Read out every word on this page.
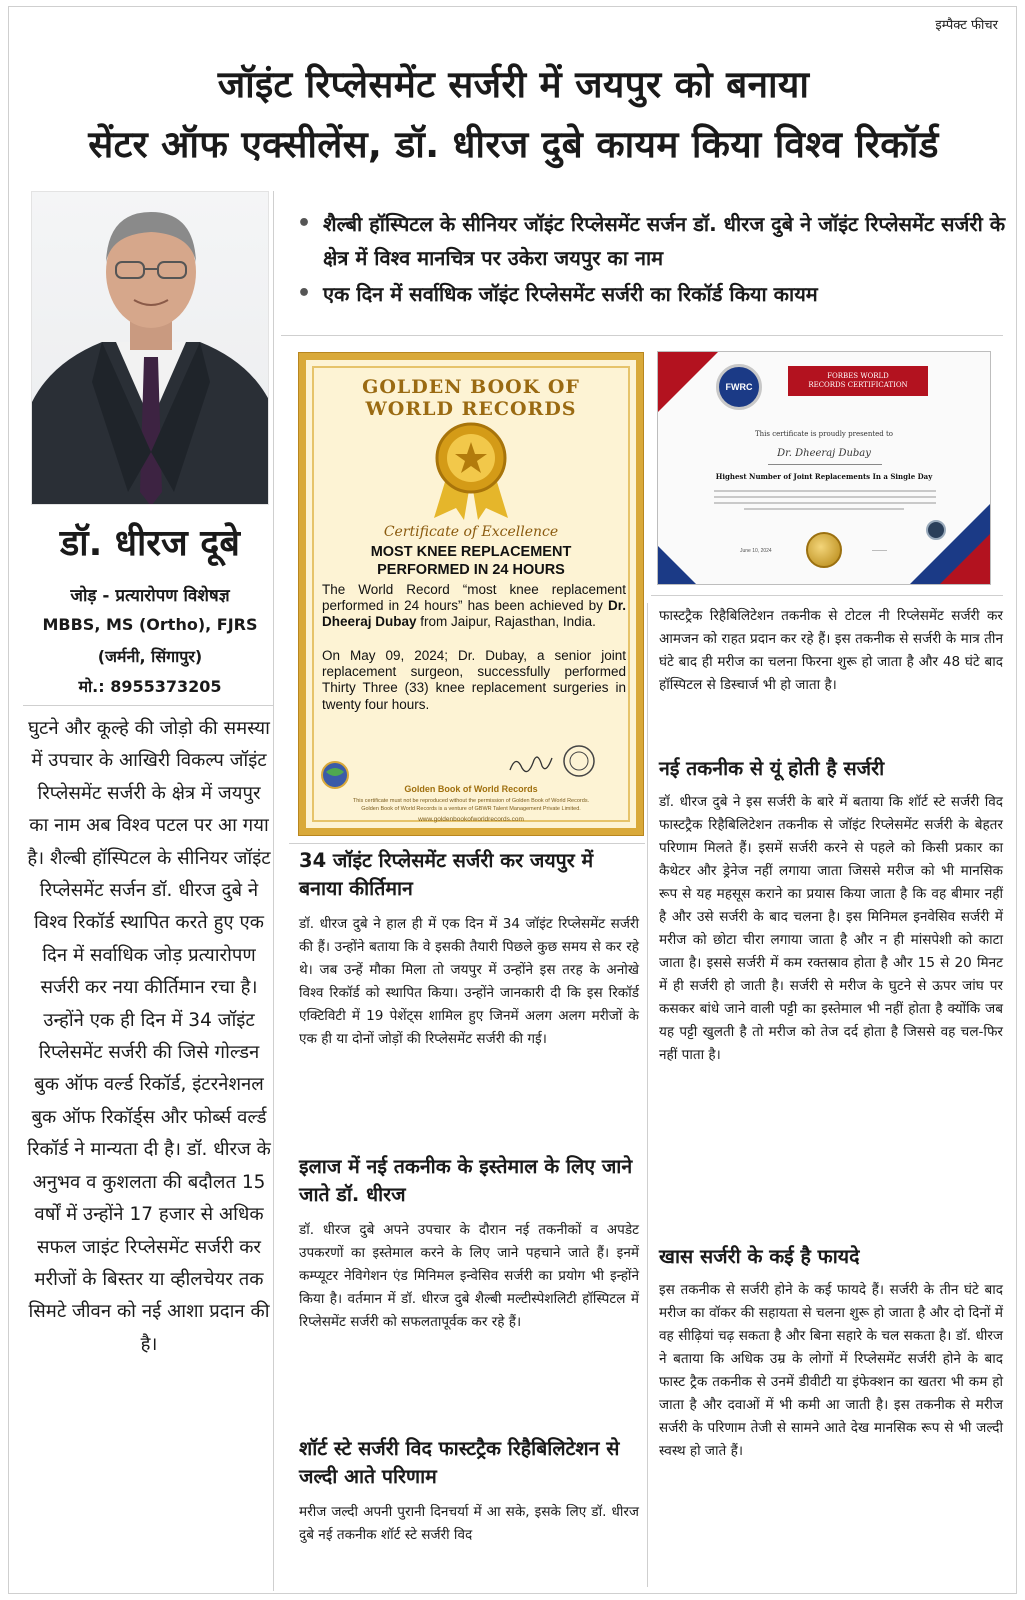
इम्पैक्ट फीचर
जॉइंट रिप्लेसमेंट सर्जरी में जयपुर को बनाया
सेंटर ऑफ एक्सीलेंस, डॉ. धीरज दुबे कायम किया विश्व रिकॉर्ड
डॉ. धीरज दूबे
जोड़ - प्रत्यारोपण विशेषज्ञ
MBBS, MS (Ortho), FJRS
(जर्मनी, सिंगापुर)
मो.: 8955373205
घुटने और कूल्हे की जोड़ो की समस्या में उपचार के आखिरी विकल्प जॉइंट रिप्लेसमेंट सर्जरी के क्षेत्र में जयपुर का नाम अब विश्व पटल पर आ गया है। शैल्बी हॉस्पिटल के सीनियर जॉइंट रिप्लेसमेंट सर्जन डॉ. धीरज दुबे ने विश्व रिकॉर्ड स्थापित करते हुए एक दिन में सर्वाधिक जोड़ प्रत्यारोपण सर्जरी कर नया कीर्तिमान रचा है। उन्होंने एक ही दिन में 34 जॉइंट रिप्लेसमेंट सर्जरी की जिसे गोल्डन बुक ऑफ वर्ल्ड रिकॉर्ड, इंटरनेशनल बुक ऑफ रिकॉर्ड्स और फोर्ब्स वर्ल्ड रिकॉर्ड ने मान्यता दी है। डॉ. धीरज के अनुभव व कुशलता की बदौलत 15 वर्षों में उन्होंने 17 हजार से अधिक सफल जाइंट रिप्लेसमेंट सर्जरी कर मरीजों के बिस्तर या व्हीलचेयर तक सिमटे जीवन को नई आशा प्रदान की है।
• शैल्बी हॉस्पिटल के सीनियर जॉइंट रिप्लेसमेंट सर्जन डॉ. धीरज दुबे ने जॉइंट रिप्लेसमेंट सर्जरी के क्षेत्र में विश्व मानचित्र पर उकेरा जयपुर का नाम
• एक दिन में सर्वाधिक जॉइंट रिप्लेसमेंट सर्जरी का रिकॉर्ड किया कायम
GOLDEN BOOK OF
WORLD RECORDS
Certificate of Excellence
MOST KNEE REPLACEMENT
PERFORMED IN 24 HOURS
The World Record “most knee replacement performed in 24 hours” has been achieved by Dr. Dheeraj Dubay from Jaipur, Rajasthan, India.
On May 09, 2024; Dr. Dubay, a senior joint replacement surgeon, successfully performed Thirty Three (33) knee replacement surgeries in twenty four hours.
Golden Book of World Records
This certificate must not be reproduced without the permission of Golden Book of World Records.
Golden Book of World Records is a venture of GBWR Talent Management Private Limited.
www.goldenbookofworldrecords.com
FWRC
FORBES WORLD
RECORDS CERTIFICATION
This certificate is proudly presented to
Dr. Dheeraj Dubay
Highest Number of Joint Replacements In a Single Day
June 10, 2024	———
34 जॉइंट रिप्लेसमेंट सर्जरी कर जयपुर में बनाया कीर्तिमान
डॉ. धीरज दुबे ने हाल ही में एक दिन में 34 जॉइंट रिप्लेसमेंट सर्जरी की हैं। उन्होंने बताया कि वे इसकी तैयारी पिछले कुछ समय से कर रहे थे। जब उन्हें मौका मिला तो जयपुर में उन्होंने इस तरह के अनोखे विश्व रिकॉर्ड को स्थापित किया। उन्होंने जानकारी दी कि इस रिकॉर्ड एक्टिविटी में 19 पेशेंट्स शामिल हुए जिनमें अलग अलग मरीजों के एक ही या दोनों जोड़ों की रिप्लेसमेंट सर्जरी की गई।
इलाज में नई तकनीक के इस्तेमाल के लिए जाने जाते डॉ. धीरज
डॉ. धीरज दुबे अपने उपचार के दौरान नई तकनीकों व अपडेट उपकरणों का इस्तेमाल करने के लिए जाने पहचाने जाते हैं। इनमें कम्प्यूटर नेविगेशन एंड मिनिमल इन्वेसिव सर्जरी का प्रयोग भी इन्होंने किया है। वर्तमान में डॉ. धीरज दुबे शैल्बी मल्टीस्पेशलिटी हॉस्पिटल में रिप्लेसमेंट सर्जरी को सफलतापूर्वक कर रहे हैं।
शॉर्ट स्टे सर्जरी विद फास्टट्रैक रिहैबिलिटेशन से जल्दी आते परिणाम
मरीज जल्दी अपनी पुरानी दिनचर्या में आ सके, इसके लिए डॉ. धीरज दुबे नई तकनीक शॉर्ट स्टे सर्जरी विद
फास्टट्रैक रिहैबिलिटेशन तकनीक से टोटल नी रिप्लेसमेंट सर्जरी कर आमजन को राहत प्रदान कर रहे हैं। इस तकनीक से सर्जरी के मात्र तीन घंटे बाद ही मरीज का चलना फिरना शुरू हो जाता है और 48 घंटे बाद हॉस्पिटल से डिस्चार्ज भी हो जाता है।
नई तकनीक से यूं होती है सर्जरी
डॉ. धीरज दुबे ने इस सर्जरी के बारे में बताया कि शॉर्ट स्टे सर्जरी विद फास्टट्रैक रिहैबिलिटेशन तकनीक से जॉइंट रिप्लेसमेंट सर्जरी के बेहतर परिणाम मिलते हैं। इसमें सर्जरी करने से पहले को किसी प्रकार का कैथेटर और ड्रेनेज नहीं लगाया जाता जिससे मरीज को भी मानसिक रूप से यह महसूस कराने का प्रयास किया जाता है कि वह बीमार नहीं है और उसे सर्जरी के बाद चलना है। इस मिनिमल इनवेसिव सर्जरी में मरीज को छोटा चीरा लगाया जाता है और न ही मांसपेशी को काटा जाता है। इससे सर्जरी में कम रक्तस्राव होता है और 15 से 20 मिनट में ही सर्जरी हो जाती है। सर्जरी से मरीज के घुटने से ऊपर जांघ पर कसकर बांधे जाने वाली पट्टी का इस्तेमाल भी नहीं होता है क्योंकि जब यह पट्टी खुलती है तो मरीज को तेज दर्द होता है जिससे वह चल-फिर नहीं पाता है।
खास सर्जरी के कई है फायदे
इस तकनीक से सर्जरी होने के कई फायदे हैं। सर्जरी के तीन घंटे बाद मरीज का वॉकर की सहायता से चलना शुरू हो जाता है और दो दिनों में वह सीढ़ियां चढ़ सकता है और बिना सहारे के चल सकता है। डॉ. धीरज ने बताया कि अधिक उम्र के लोगों में रिप्लेसमेंट सर्जरी होने के बाद फास्ट ट्रैक तकनीक से उनमें डीवीटी या इंफेक्शन का खतरा भी कम हो जाता है और दवाओं में भी कमी आ जाती है। इस तकनीक से मरीज सर्जरी के परिणाम तेजी से सामने आते देख मानसिक रूप से भी जल्दी स्वस्थ हो जाते हैं।
